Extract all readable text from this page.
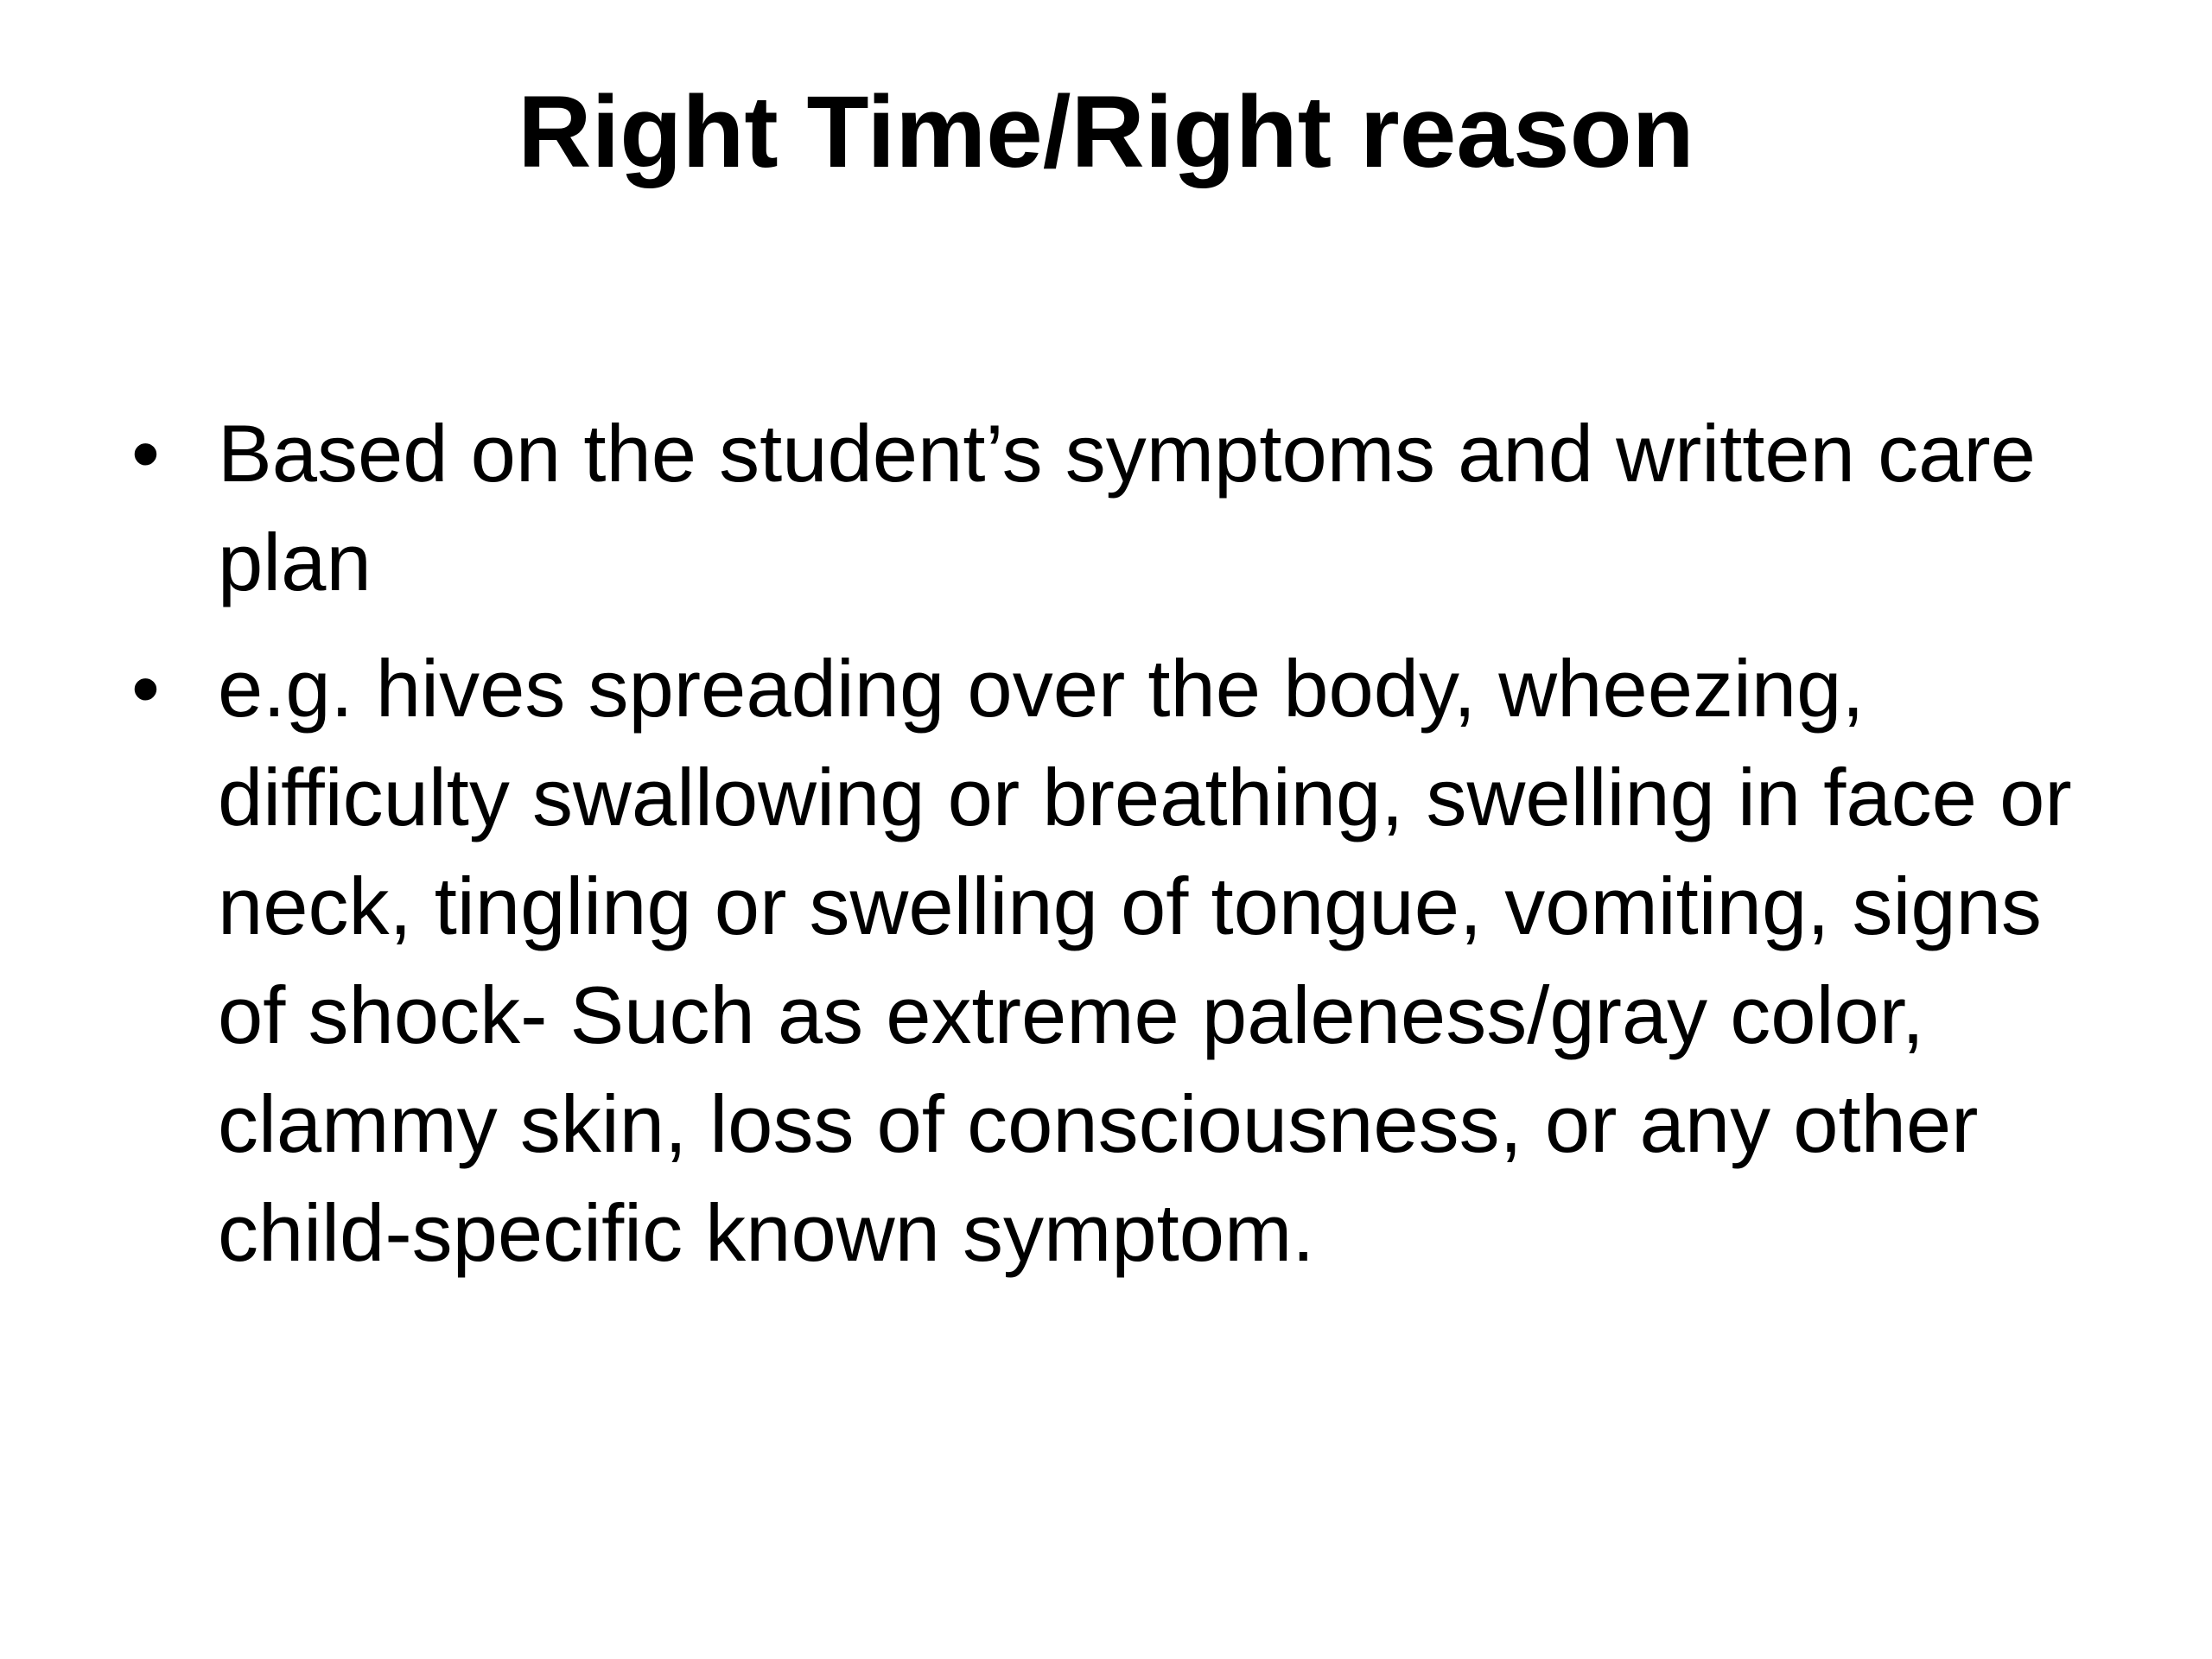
Right Time/Right reason
• Based on the student’s symptoms and written care plan
• e.g. hives spreading over the body, wheezing, difficulty swallowing or breathing, swelling in face or neck, tingling or swelling of tongue, vomiting, signs of shock- Such as extreme paleness/gray color, clammy skin, loss of consciousness, or any other child-specific known symptom.
